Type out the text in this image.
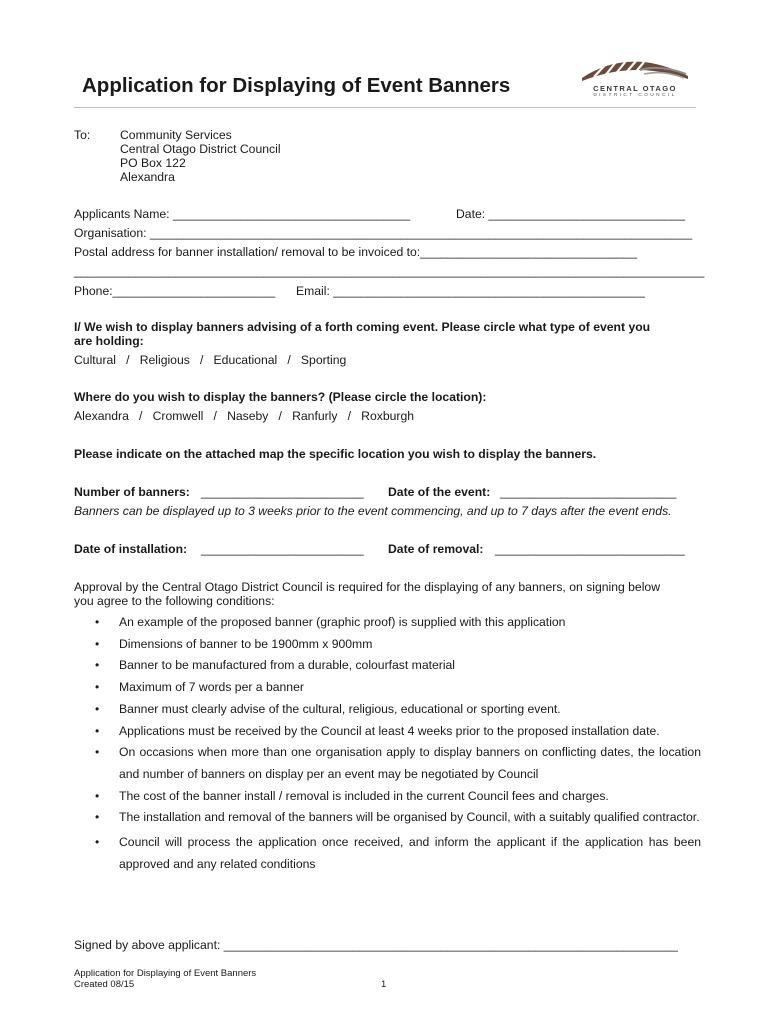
Application for Displaying of Event Banners	CENTRAL OTAGO
DISTRICT COUNCIL

To: Community Services

Central Otago District Council

PO Box 122

Alexandra

Applicants Name: ___________________________________	Date: _____________________________

Organisation: ________________________________________________________________________________

Postal address for banner installation/ removal to be invoiced to:________________________________

_____________________________________________________________________________________________

Phone:________________________ Email: ______________________________________________

I/ We wish to display banners advising of a forth coming event. Please circle what type of event you

are holding:

Cultural   /   Religious   /   Educational   /   Sporting

Where do you wish to display the banners? (Please circle the location):

Alexandra   /   Cromwell   /   Naseby   /   Ranfurly   /   Roxburgh

Please indicate on the attached map the specific location you wish to display the banners.

Number of banners: ________________________ Date of the event: __________________________

Banners can be displayed up to 3 weeks prior to the event commencing, and up to 7 days after the event ends.

Date of installation: ________________________ Date of removal: ____________________________

Approval by the Central Otago District Council is required for the displaying of any banners, on signing below

you agree to the following conditions:

• An example of the proposed banner (graphic proof) is supplied with this application
• Dimensions of banner to be 1900mm x 900mm
• Banner to be manufactured from a durable, colourfast material
• Maximum of 7 words per a banner
• Banner must clearly advise of the cultural, religious, educational or sporting event.
• Applications must be received by the Council at least 4 weeks prior to the proposed installation date.
• On occasions when more than one organisation apply to display banners on conflicting dates, the location and number of banners on display per an event may be negotiated by Council
• The cost of the banner install / removal is included in the current Council fees and charges.
• The installation and removal of the banners will be organised by Council, with a suitably qualified contractor.
• Council will process the application once received, and inform the applicant if the application has been approved and any related conditions

Signed by above applicant: ___________________________________________________________________

Application for Displaying of Event Banners

Created 08/15	1
